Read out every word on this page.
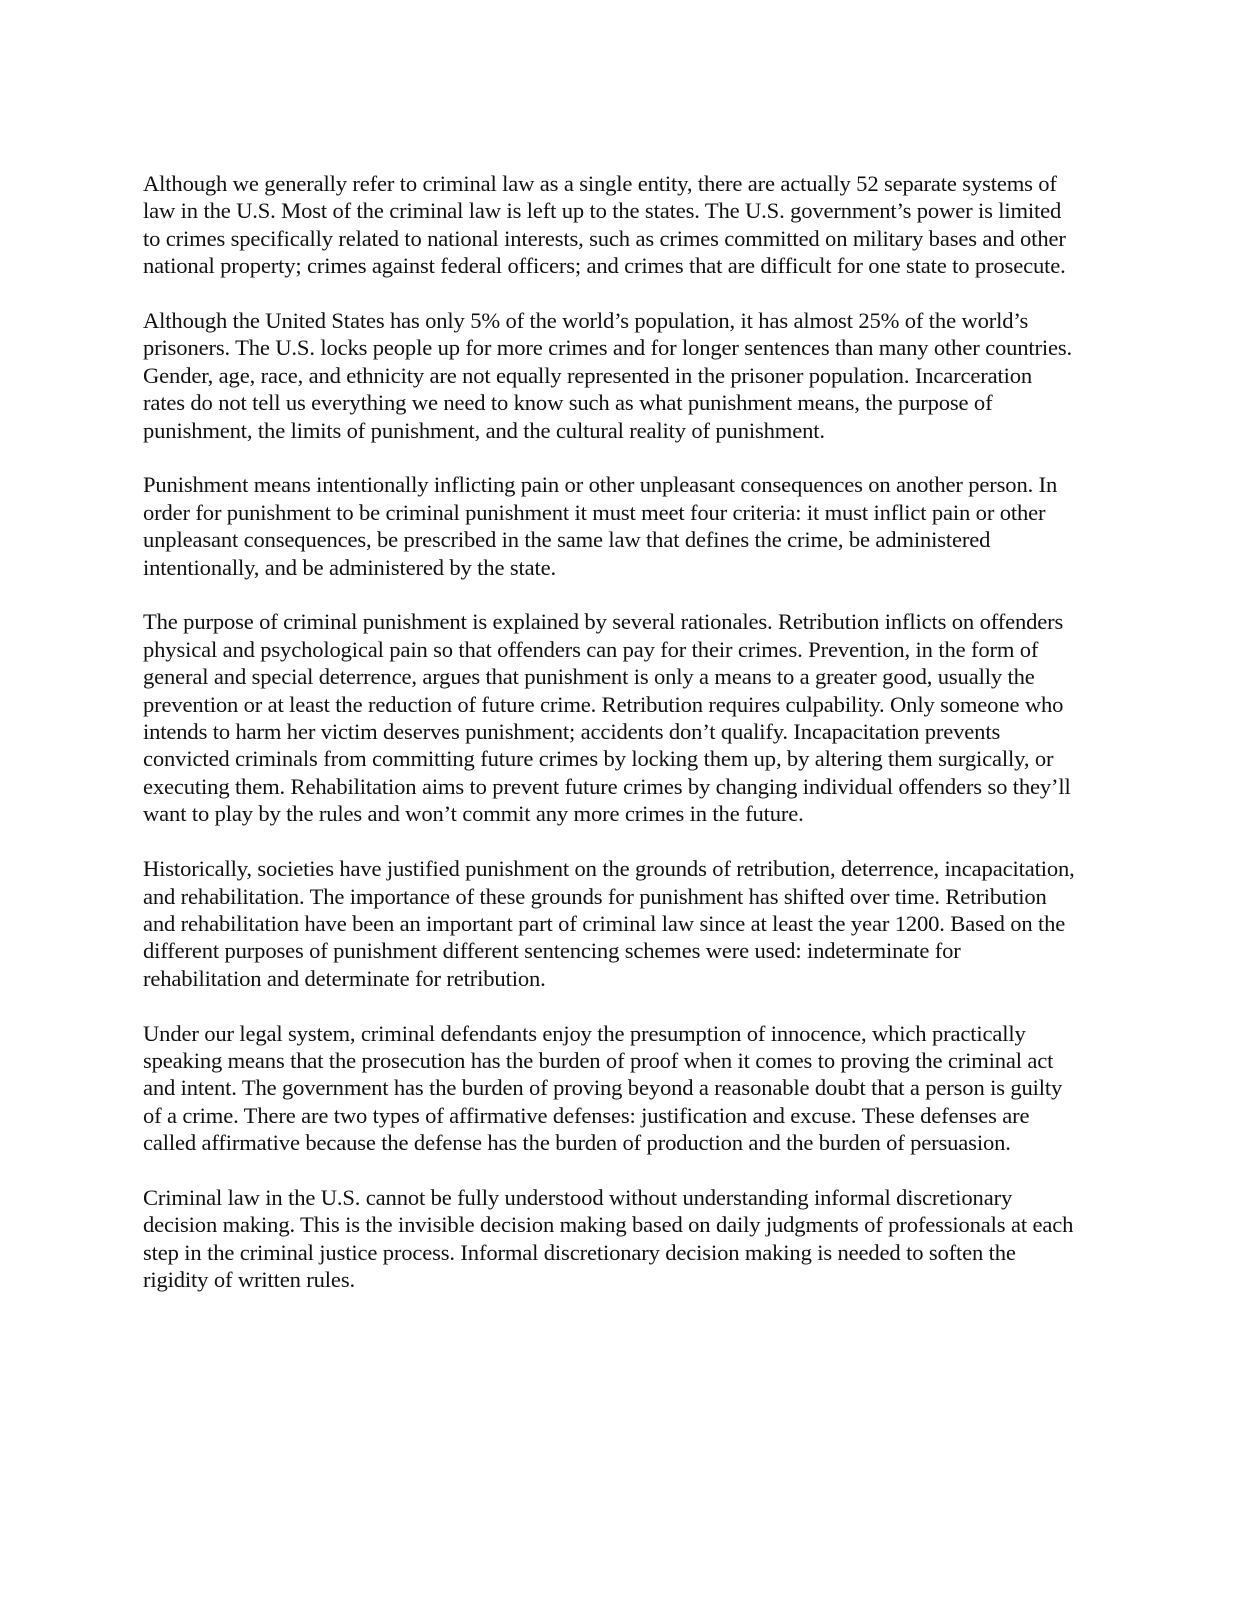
Although we generally refer to criminal law as a single entity, there are actually 52 separate systems of law in the U.S. Most of the criminal law is left up to the states. The U.S. government’s power is limited to crimes specifically related to national interests, such as crimes committed on military bases and other national property; crimes against federal officers; and crimes that are difficult for one state to prosecute.

Although the United States has only 5% of the world’s population, it has almost 25% of the world’s prisoners. The U.S. locks people up for more crimes and for longer sentences than many other countries. Gender, age, race, and ethnicity are not equally represented in the prisoner population. Incarceration rates do not tell us everything we need to know such as what punishment means, the purpose of punishment, the limits of punishment, and the cultural reality of punishment.

Punishment means intentionally inflicting pain or other unpleasant consequences on another person. In order for punishment to be criminal punishment it must meet four criteria: it must inflict pain or other unpleasant consequences, be prescribed in the same law that defines the crime, be administered intentionally, and be administered by the state.

The purpose of criminal punishment is explained by several rationales. Retribution inflicts on offenders physical and psychological pain so that offenders can pay for their crimes. Prevention, in the form of general and special deterrence, argues that punishment is only a means to a greater good, usually the prevention or at least the reduction of future crime. Retribution requires culpability. Only someone who intends to harm her victim deserves punishment; accidents don’t qualify. Incapacitation prevents convicted criminals from committing future crimes by locking them up, by altering them surgically, or executing them. Rehabilitation aims to prevent future crimes by changing individual offenders so they’ll want to play by the rules and won’t commit any more crimes in the future.

Historically, societies have justified punishment on the grounds of retribution, deterrence, incapacitation, and rehabilitation. The importance of these grounds for punishment has shifted over time. Retribution and rehabilitation have been an important part of criminal law since at least the year 1200. Based on the different purposes of punishment different sentencing schemes were used: indeterminate for rehabilitation and determinate for retribution.

Under our legal system, criminal defendants enjoy the presumption of innocence, which practically speaking means that the prosecution has the burden of proof when it comes to proving the criminal act and intent. The government has the burden of proving beyond a reasonable doubt that a person is guilty of a crime. There are two types of affirmative defenses: justification and excuse. These defenses are called affirmative because the defense has the burden of production and the burden of persuasion.

Criminal law in the U.S. cannot be fully understood without understanding informal discretionary decision making. This is the invisible decision making based on daily judgments of professionals at each step in the criminal justice process. Informal discretionary decision making is needed to soften the rigidity of written rules.
